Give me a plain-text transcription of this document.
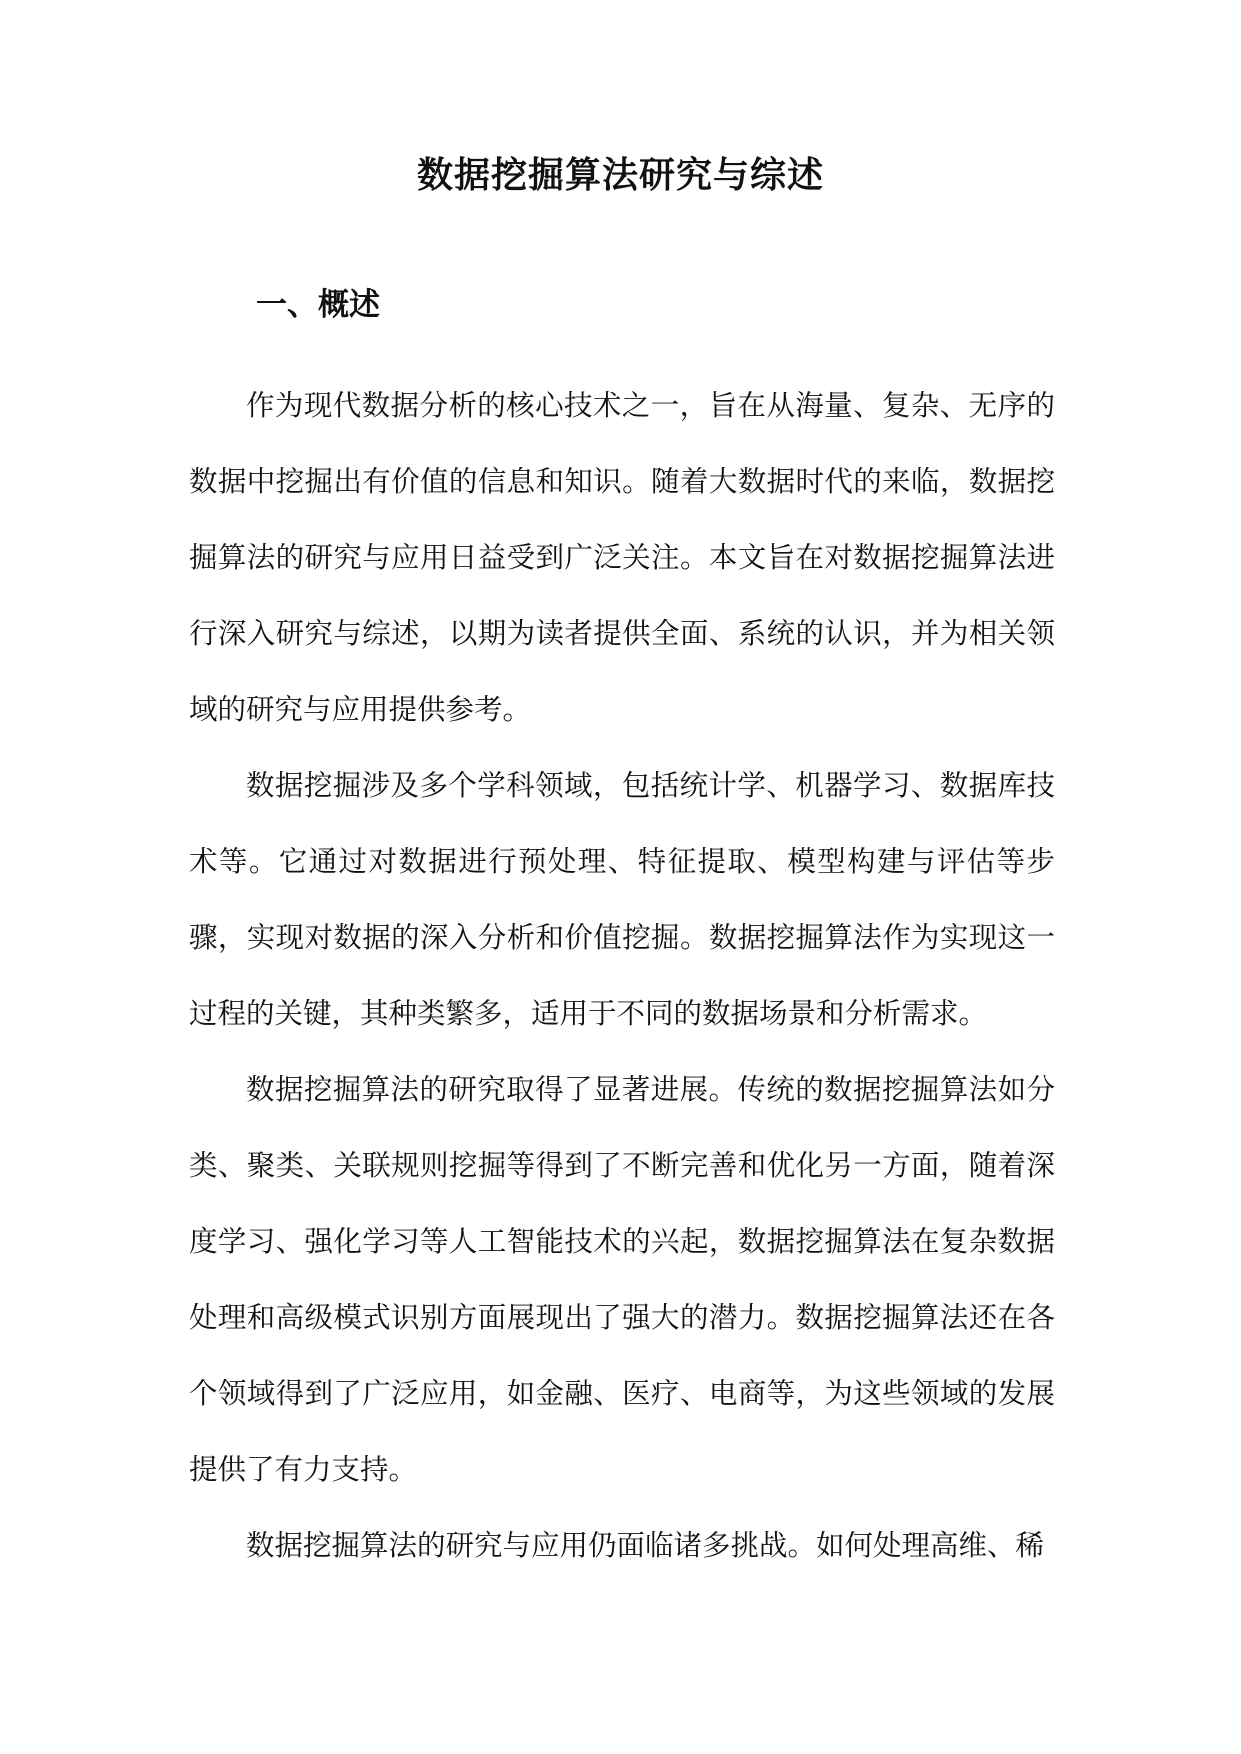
数据挖掘算法研究与综述
一、概述

作为现代数据分析的核心技术之一，旨在从海量、复杂、无序的数据中挖掘出有价值的信息和知识。随着大数据时代的来临，数据挖掘算法的研究与应用日益受到广泛关注。本文旨在对数据挖掘算法进行深入研究与综述，以期为读者提供全面、系统的认识，并为相关领域的研究与应用提供参考。

数据挖掘涉及多个学科领域，包括统计学、机器学习、数据库技术等。它通过对数据进行预处理、特征提取、模型构建与评估等步骤，实现对数据的深入分析和价值挖掘。数据挖掘算法作为实现这一过程的关键，其种类繁多，适用于不同的数据场景和分析需求。

数据挖掘算法的研究取得了显著进展。传统的数据挖掘算法如分类、聚类、关联规则挖掘等得到了不断完善和优化另一方面，随着深度学习、强化学习等人工智能技术的兴起，数据挖掘算法在复杂数据处理和高级模式识别方面展现出了强大的潜力。数据挖掘算法还在各个领域得到了广泛应用，如金融、医疗、电商等，为这些领域的发展提供了有力支持。

数据挖掘算法的研究与应用仍面临诸多挑战。如何处理高维、稀
